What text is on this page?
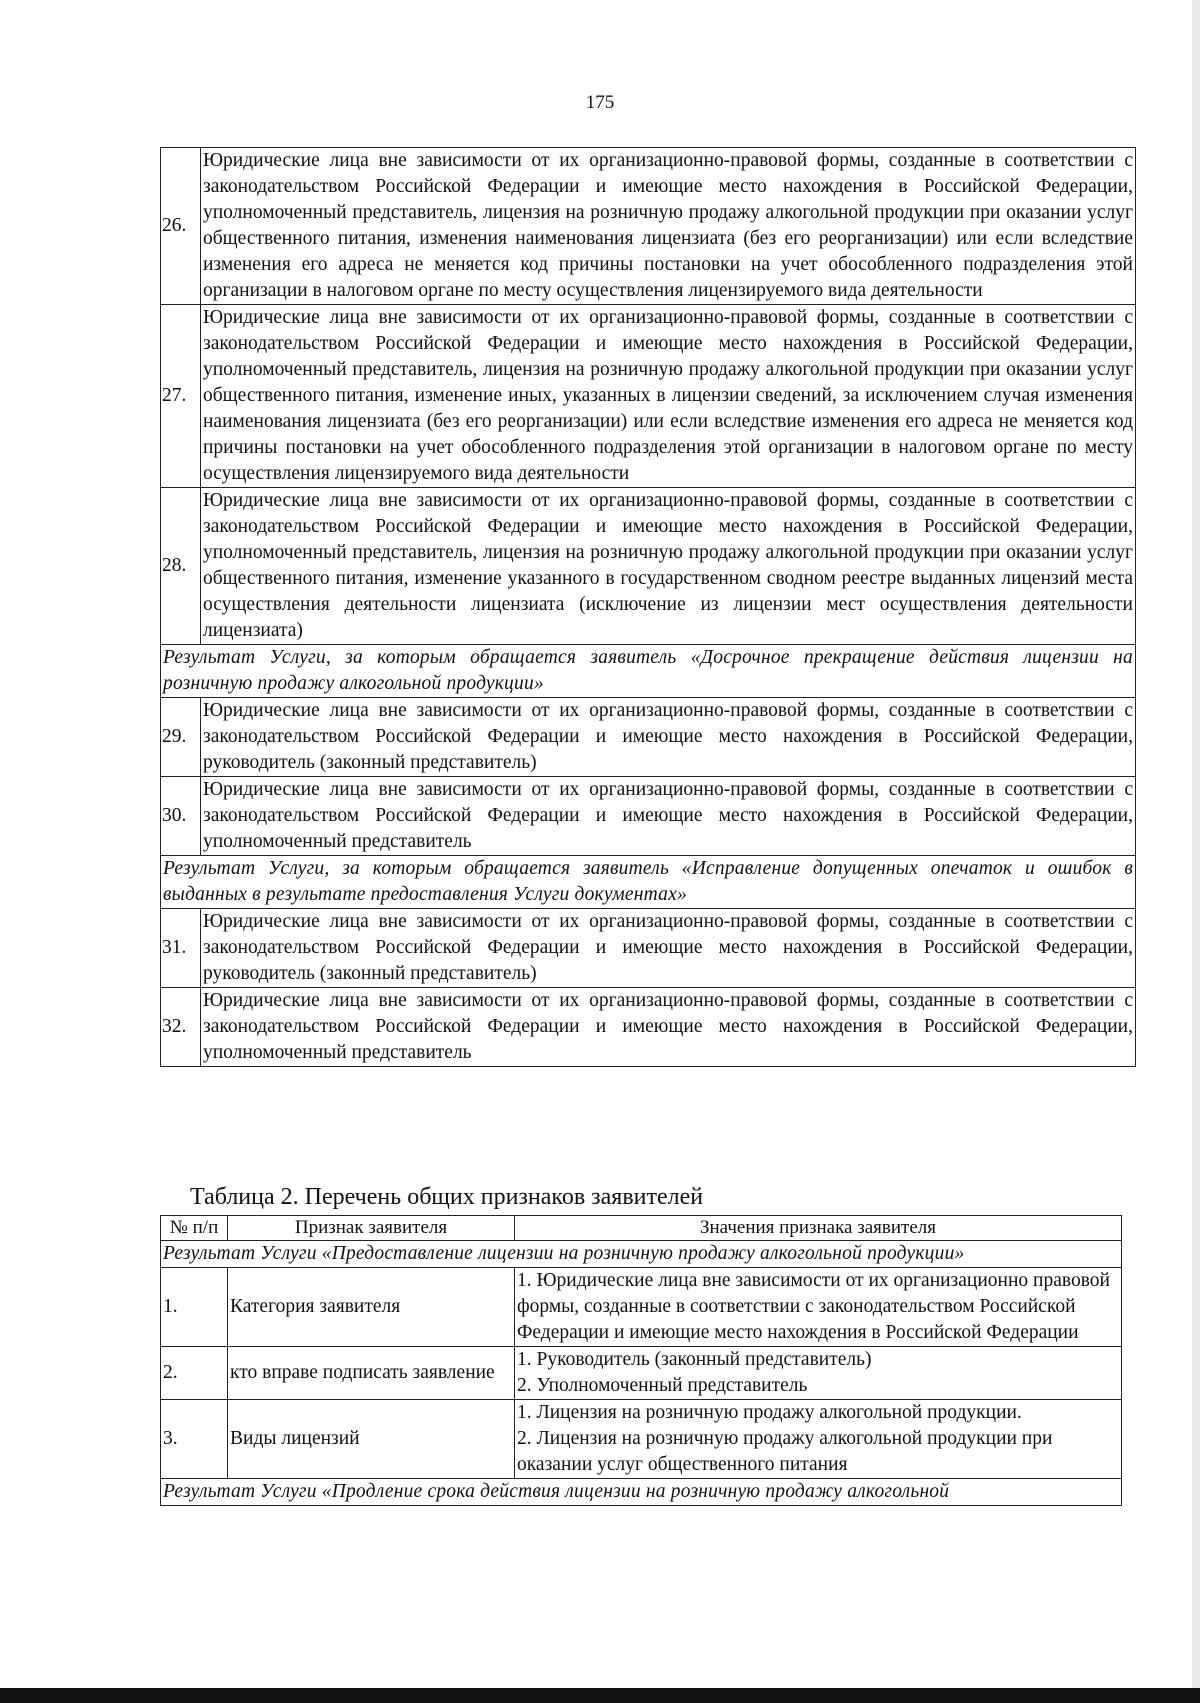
175
26.	Юридические лица вне зависимости от их организационно-правовой формы, созданные в соответствии с законодательством Российской Федерации и имеющие место нахождения в Российской Федерации, уполномоченный представитель, лицензия на розничную продажу алкогольной продукции при оказании услуг общественного питания, изменения наименования лицензиата (без его реорганизации) или если вследствие изменения его адреса не меняется код причины постановки на учет обособленного подразделения этой организации в налоговом органе по месту осуществления лицензируемого вида деятельности
27.	Юридические лица вне зависимости от их организационно-правовой формы, созданные в соответствии с законодательством Российской Федерации и имеющие место нахождения в Российской Федерации, уполномоченный представитель, лицензия на розничную продажу алкогольной продукции при оказании услуг общественного питания, изменение иных, указанных в лицензии сведений, за исключением случая изменения наименования лицензиата (без его реорганизации) или если вследствие изменения его адреса не меняется код причины постановки на учет обособленного подразделения этой организации в налоговом органе по месту осуществления лицензируемого вида деятельности
28.	Юридические лица вне зависимости от их организационно-правовой формы, созданные в соответствии с законодательством Российской Федерации и имеющие место нахождения в Российской Федерации, уполномоченный представитель, лицензия на розничную продажу алкогольной продукции при оказании услуг общественного питания, изменение указанного в государственном сводном реестре выданных лицензий места осуществления деятельности лицензиата (исключение из лицензии мест осуществления деятельности лицензиата)
Результат Услуги, за которым обращается заявитель «Досрочное прекращение действия лицензии на розничную продажу алкогольной продукции»	
29.	Юридические лица вне зависимости от их организационно-правовой формы, созданные в соответствии с законодательством Российской Федерации и имеющие место нахождения в Российской Федерации, руководитель (законный представитель)
30.	Юридические лица вне зависимости от их организационно-правовой формы, созданные в соответствии с законодательством Российской Федерации и имеющие место нахождения в Российской Федерации, уполномоченный представитель
Результат Услуги, за которым обращается заявитель «Исправление допущенных опечаток и ошибок в выданных в результате предоставления Услуги документах»	
31.	Юридические лица вне зависимости от их организационно-правовой формы, созданные в соответствии с законодательством Российской Федерации и имеющие место нахождения в Российской Федерации, руководитель (законный представитель)
32.	Юридические лица вне зависимости от их организационно-правовой формы, созданные в соответствии с законодательством Российской Федерации и имеющие место нахождения в Российской Федерации, уполномоченный представитель
Таблица 2. Перечень общих признаков заявителей
№ п/п	Признак заявителя	Значения признака заявителя
Результат Услуги «Предоставление лицензии на розничную продажу алкогольной продукции»		
1.	Категория заявителя	1. Юридические лица вне зависимости от их организационно правовой формы, созданные в соответствии с законодательством Российской Федерации и имеющие место нахождения в Российской Федерации

2.	кто вправе подписать заявление	1. Руководитель (законный представитель)
2. Уполномоченный представитель

3.	Виды лицензий	1. Лицензия на розничную продажу алкогольной продукции.
2. Лицензия на розничную продажу алкогольной продукции при оказании услуг общественного питания

Результат Услуги «Продление срока действия лицензии на розничную продажу алкогольной		
